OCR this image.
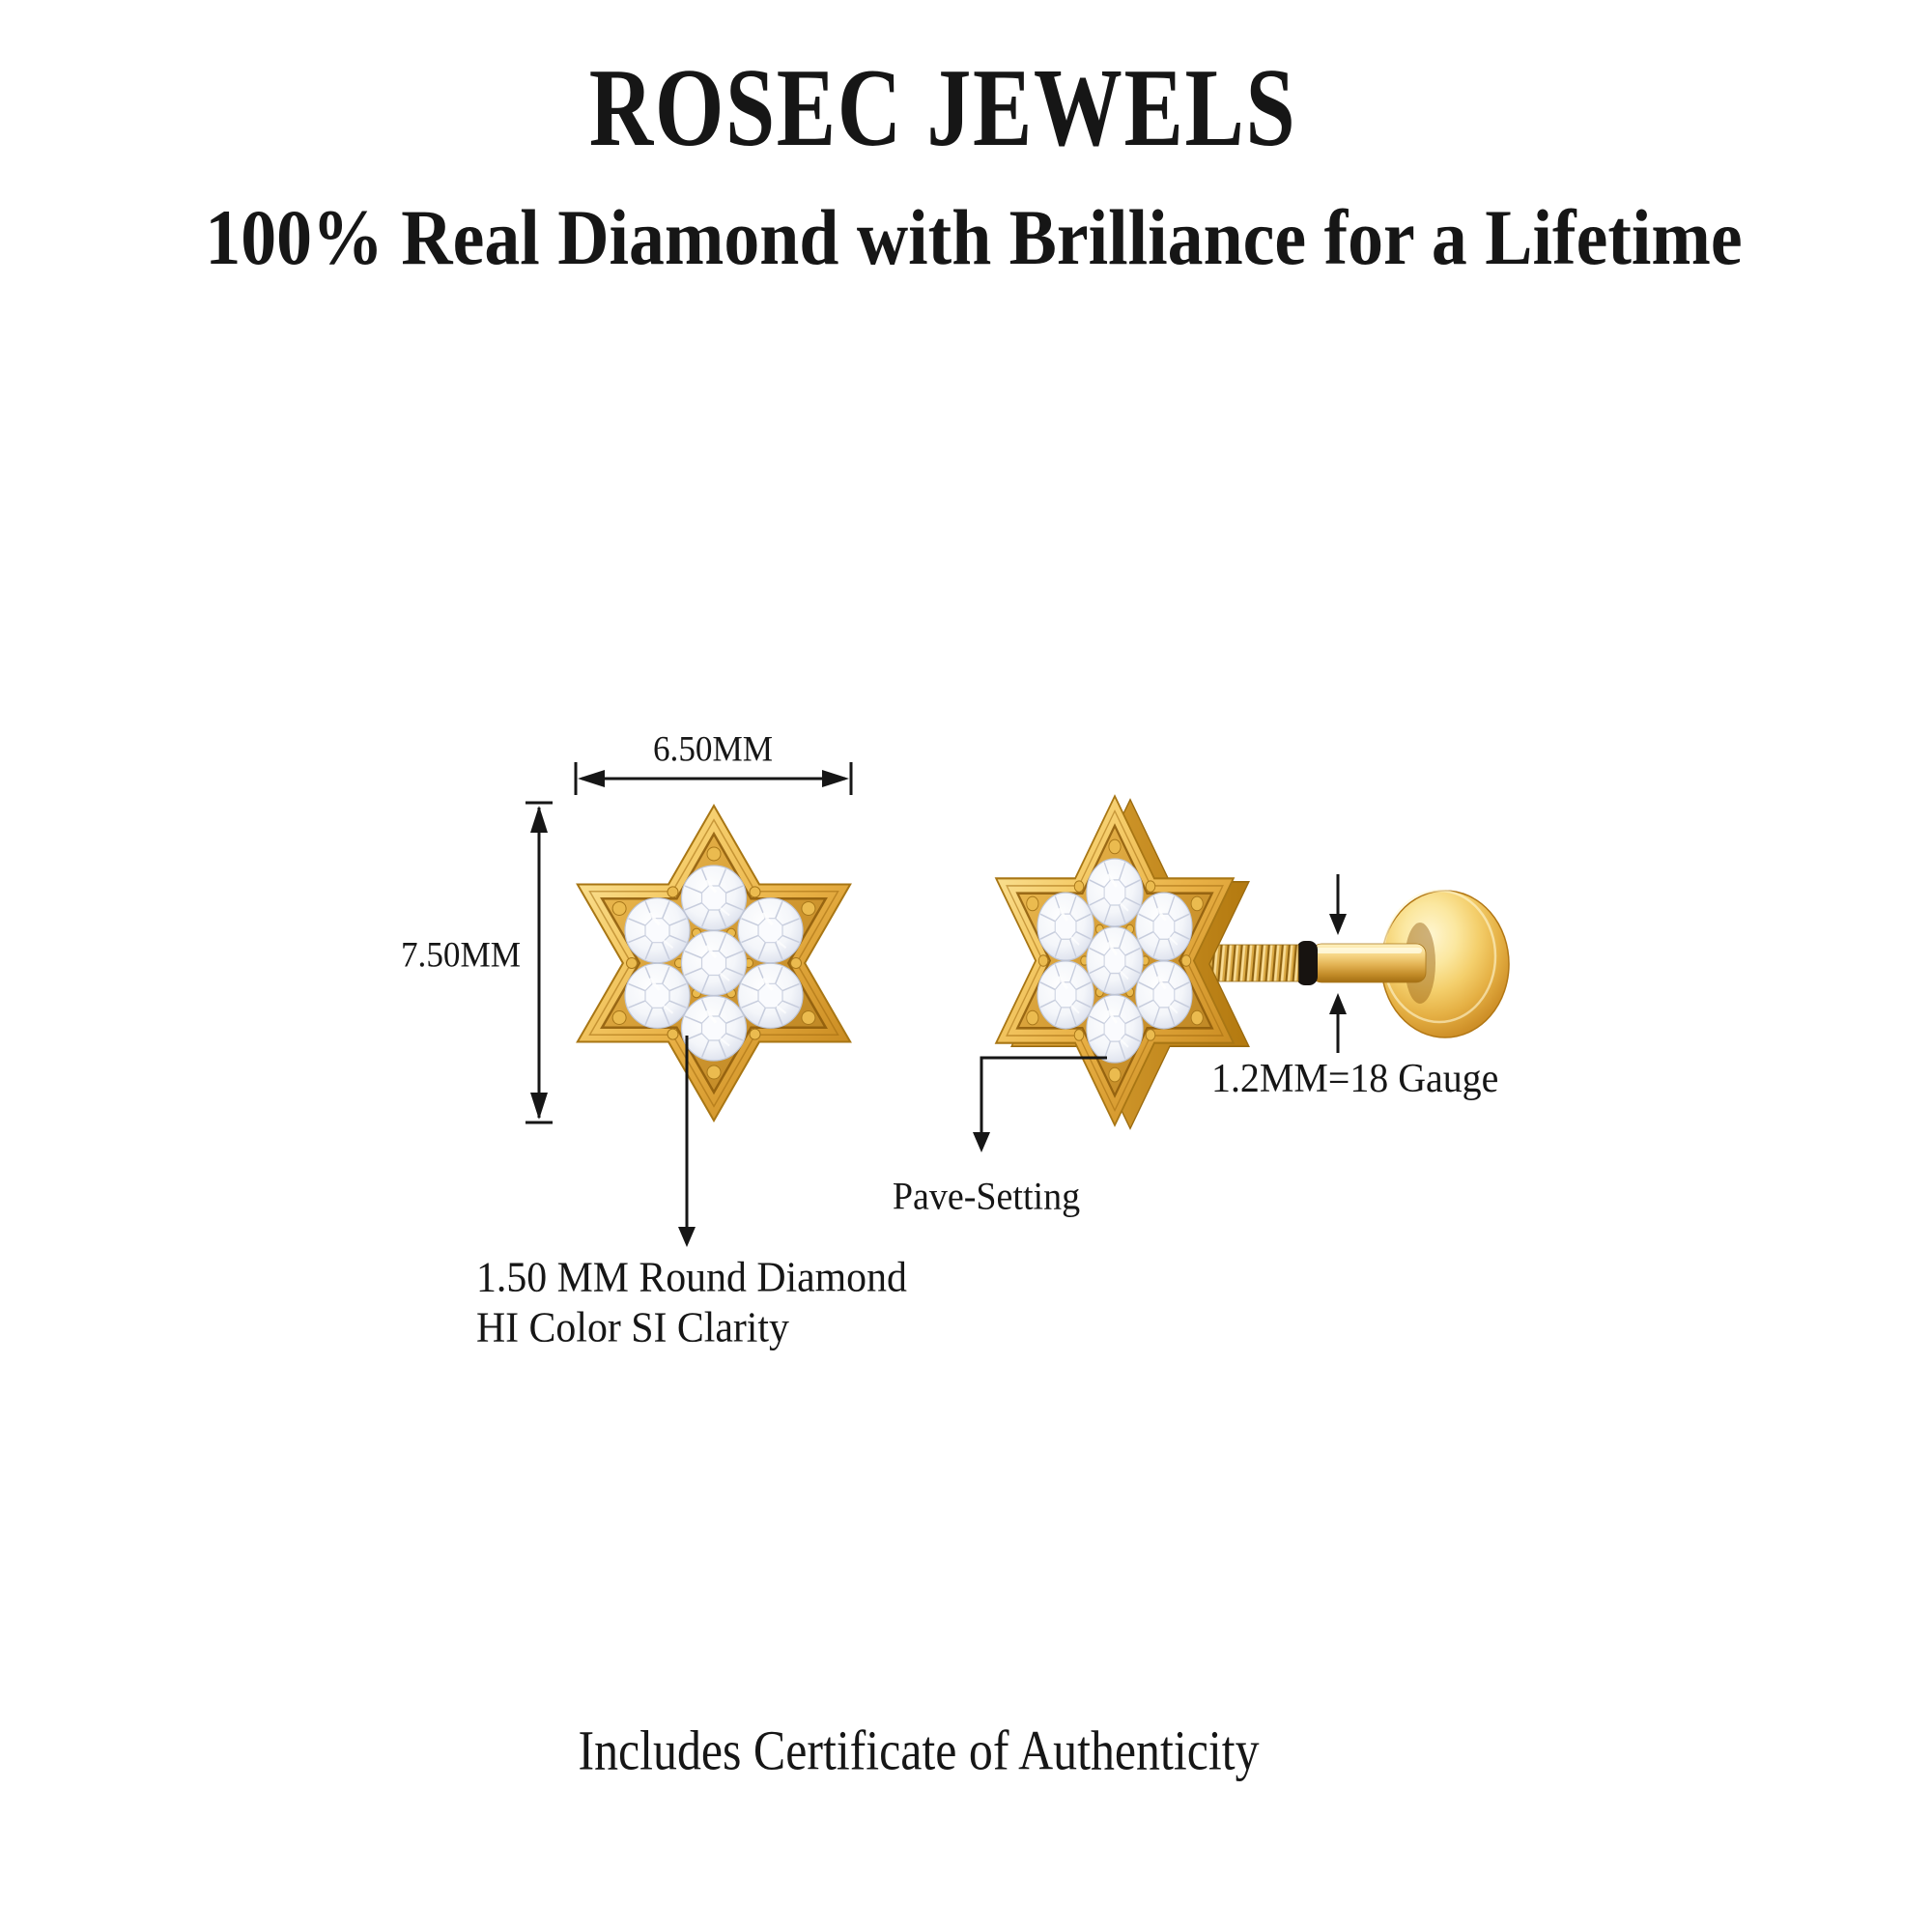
ROSEC JEWELS
100% Real Diamond with Brilliance for a Lifetime
6.50MM
7.50MM
1.2MM=18 Gauge
Pave-Setting
1.50 MM Round Diamond
HI Color SI Clarity
Includes Certificate of Authenticity
